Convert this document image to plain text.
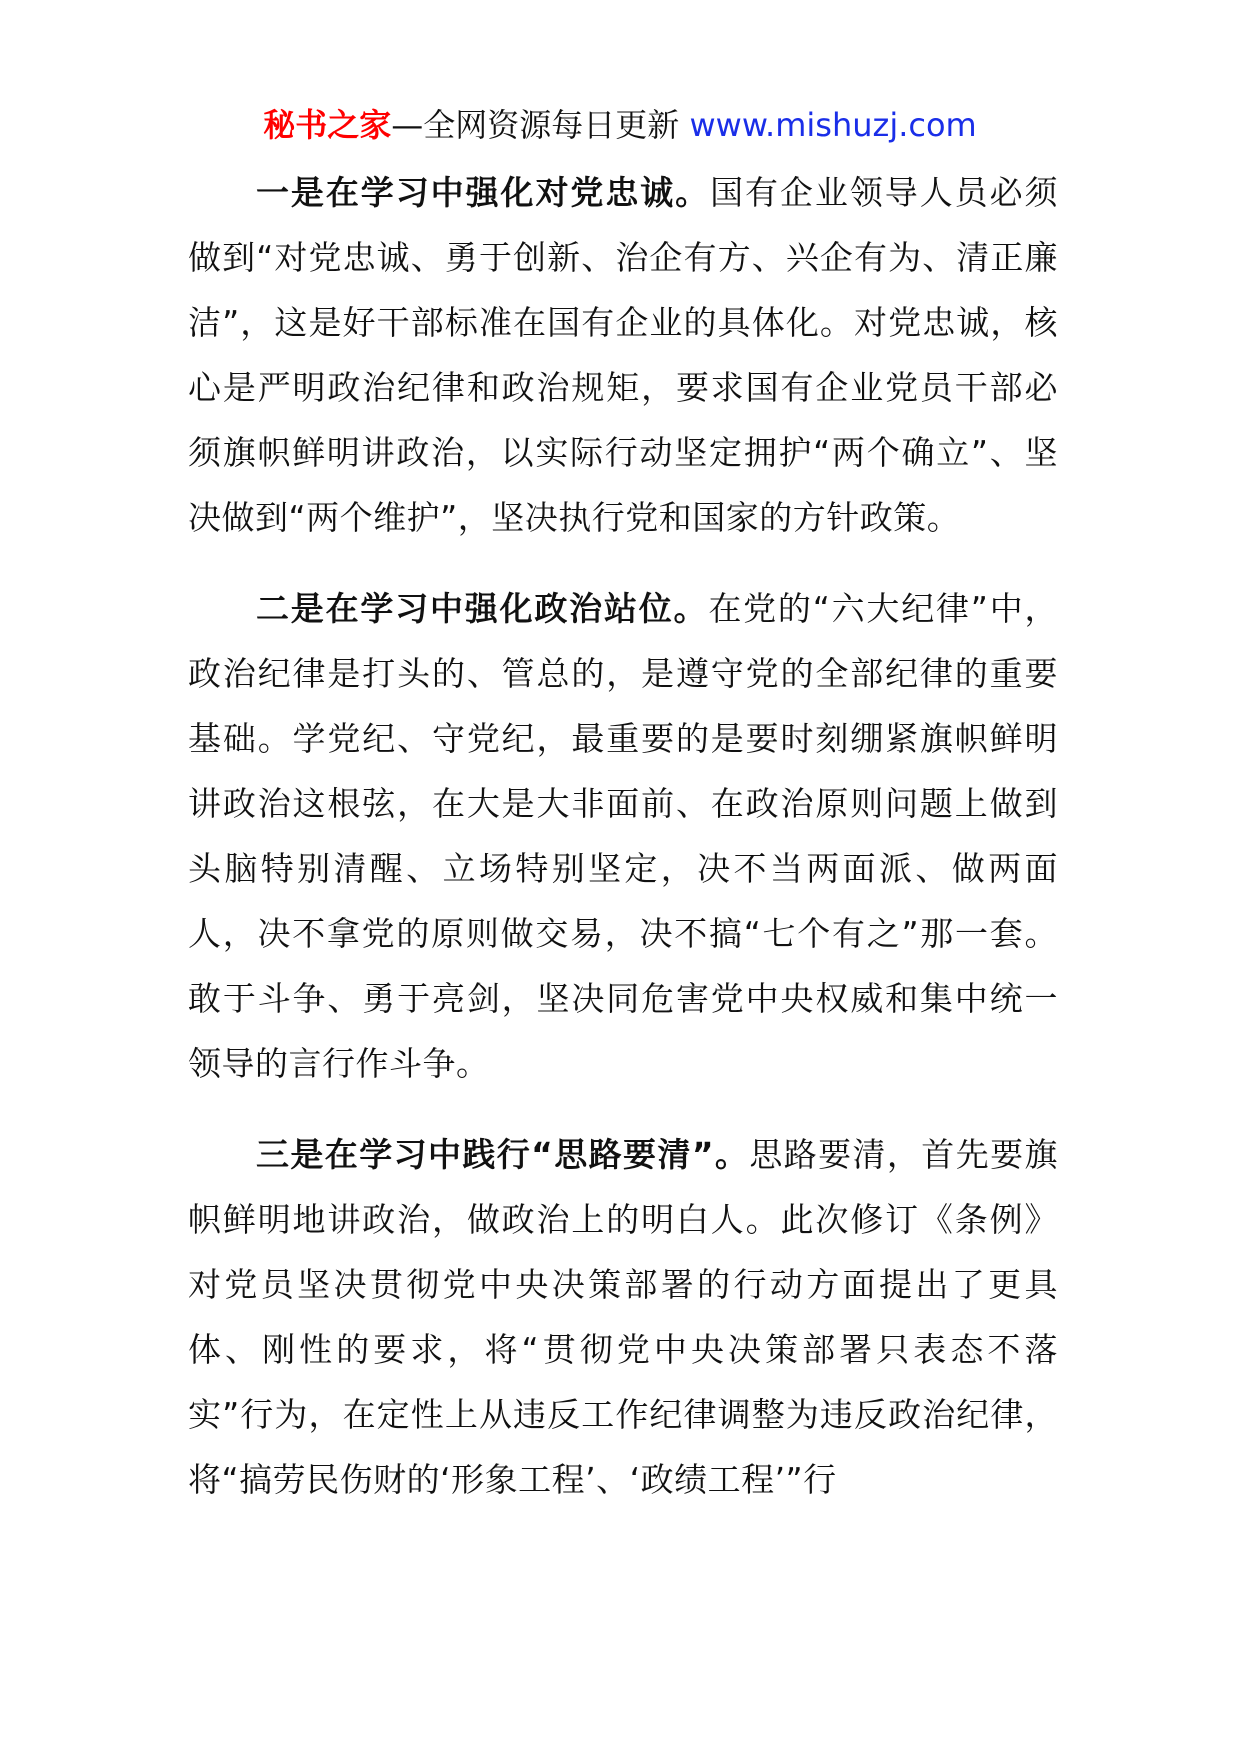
秘书之家—全网资源每日更新 www.mishuzj.com

一是在学习中强化对党忠诚。国有企业领导人员必须做到“对党忠诚、勇于创新、治企有方、兴企有为、清正廉洁”，这是好干部标准在国有企业的具体化。对党忠诚，核心是严明政治纪律和政治规矩，要求国有企业党员干部必须旗帜鲜明讲政治，以实际行动坚定拥护“两个确立”、坚决做到“两个维护”，坚决执行党和国家的方针政策。

二是在学习中强化政治站位。在党的“六大纪律”中，政治纪律是打头的、管总的，是遵守党的全部纪律的重要基础。学党纪、守党纪，最重要的是要时刻绷紧旗帜鲜明讲政治这根弦，在大是大非面前、在政治原则问题上做到头脑特别清醒、立场特别坚定，决不当两面派、做两面人，决不拿党的原则做交易，决不搞“七个有之”那一套。敢于斗争、勇于亮剑，坚决同危害党中央权威和集中统一领导的言行作斗争。

三是在学习中践行“思路要清”。思路要清，首先要旗帜鲜明地讲政治，做政治上的明白人。此次修订《条例》对党员坚决贯彻党中央决策部署的行动方面提出了更具体、刚性的要求，将“贯彻党中央决策部署只表态不落实”行为，在定性上从违反工作纪律调整为违反政治纪律，将“搞劳民伤财的‘形象工程’、‘政绩工程’”行
